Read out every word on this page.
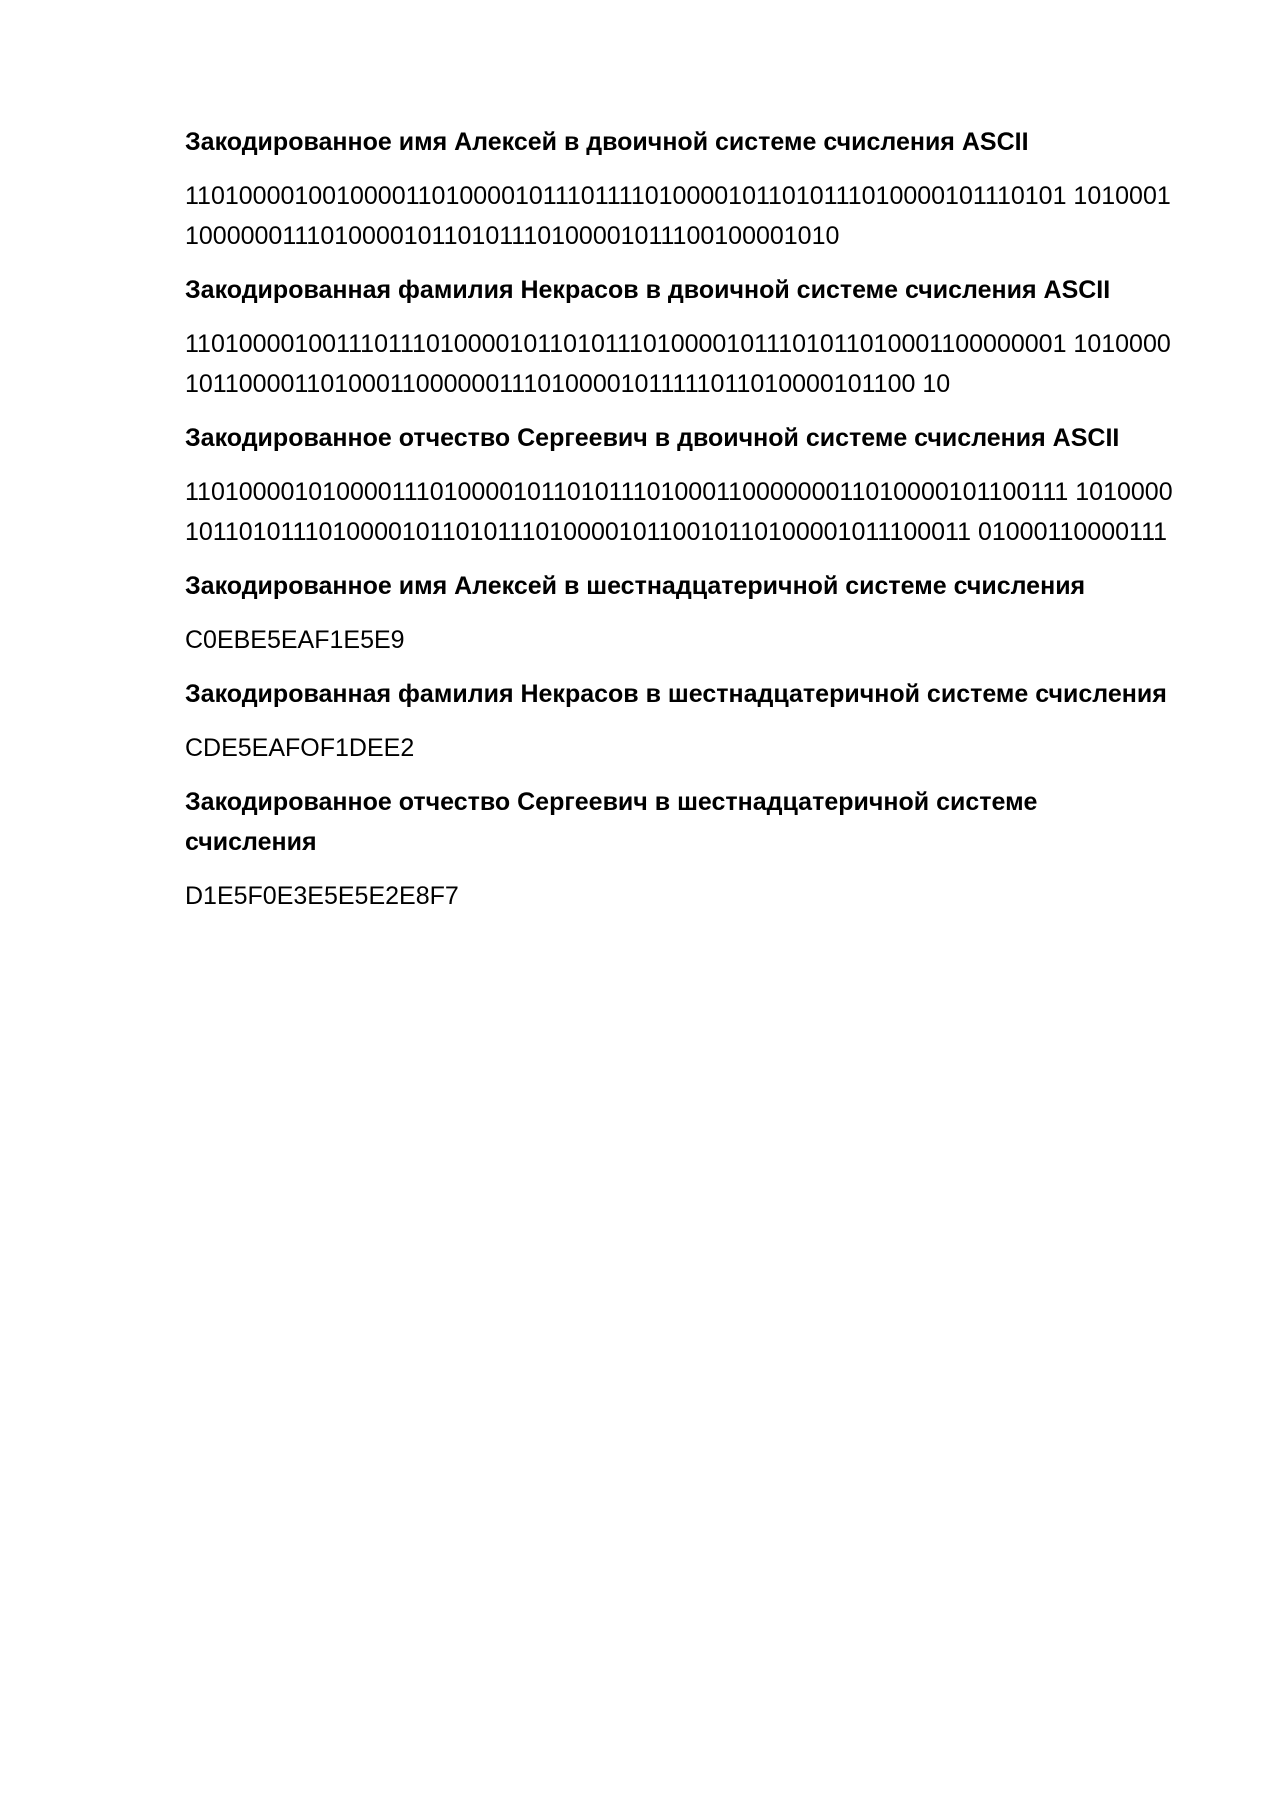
Закодированное имя Алексей в двоичной системе счисления ASCII
11010000100100001101000010111011110100001011010111010000101110101 1010001100000011101000010110101110100001011100100001010
Закодированная фамилия Некрасов в двоичной системе счисления ASCII
11010000100111011101000010110101110100001011101011010001100000001 1010000101100001101000110000001110100001011111011010000101100 10
Закодированное отчество Сергеевич в двоичной системе счисления ASCII
11010000101000011101000010110101110100011000000011010000101100111 10100001011010111010000101101011101000010110010110100001011100011 01000110000111
Закодированное имя Алексей в шестнадцатеричной системе счисления
C0EBE5EAF1E5E9
Закодированная фамилия Некрасов в шестнадцатеричной системе счисления
CDE5EAFOF1DEE2
Закодированное отчество Сергеевич в шестнадцатеричной системе счисления
D1E5F0E3E5E5E2E8F7
